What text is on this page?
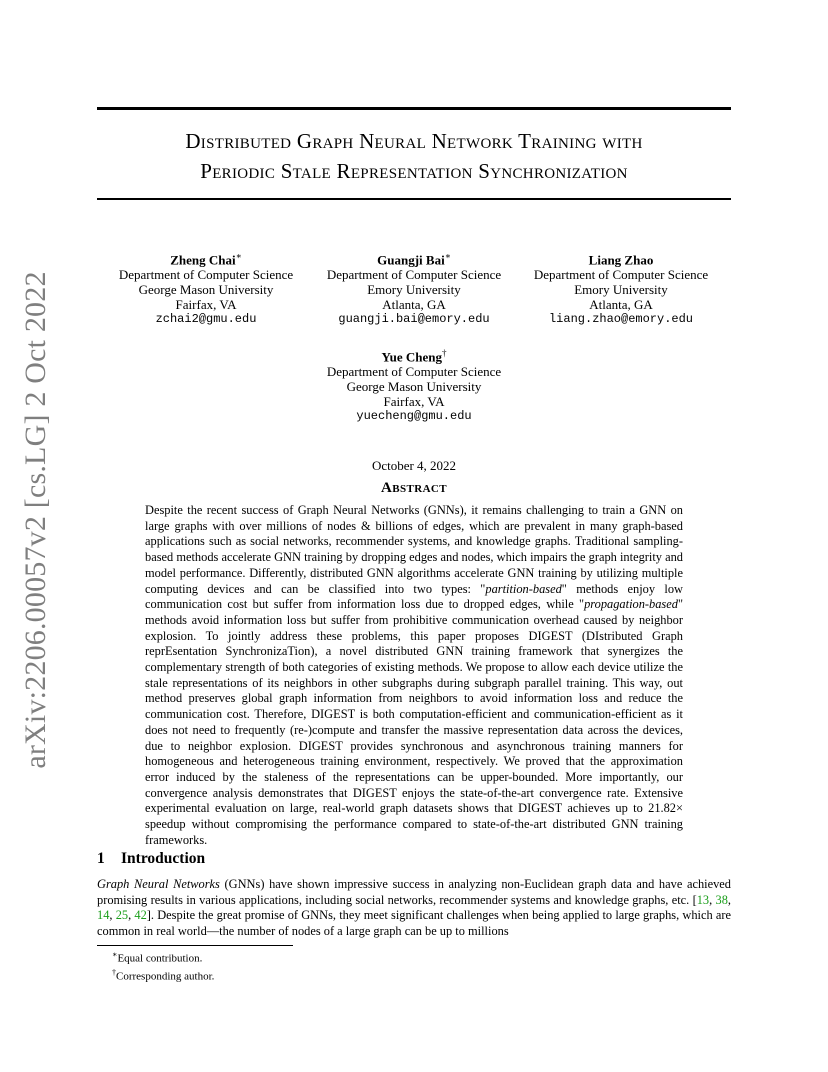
arXiv:2206.00057v2 [cs.LG] 2 Oct 2022
Distributed Graph Neural Network Training with
Periodic Stale Representation Synchronization
Zheng Chai∗
Department of Computer Science
George Mason University
Fairfax, VA
zchai2@gmu.edu
Guangji Bai∗
Department of Computer Science
Emory University
Atlanta, GA
guangji.bai@emory.edu
Liang Zhao
Department of Computer Science
Emory University
Atlanta, GA
liang.zhao@emory.edu
Yue Cheng†
Department of Computer Science
George Mason University
Fairfax, VA
yuecheng@gmu.edu
October 4, 2022
Abstract

Despite the recent success of Graph Neural Networks (GNNs), it remains challenging to train a GNN on large graphs with over millions of nodes & billions of edges, which are prevalent in many graph-based applications such as social networks, recommender systems, and knowledge graphs. Traditional sampling-based methods accelerate GNN training by dropping edges and nodes, which impairs the graph integrity and model performance. Differently, distributed GNN algorithms accelerate GNN training by utilizing multiple computing devices and can be classified into two types: "partition-based" methods enjoy low communication cost but suffer from information loss due to dropped edges, while "propagation-based" methods avoid information loss but suffer from prohibitive communication overhead caused by neighbor explosion. To jointly address these problems, this paper proposes DIGEST (DIstributed Graph reprEsentation SynchronizaTion), a novel distributed GNN training framework that synergizes the complementary strength of both categories of existing methods. We propose to allow each device utilize the stale representations of its neighbors in other subgraphs during subgraph parallel training. This way, out method preserves global graph information from neighbors to avoid information loss and reduce the communication cost. Therefore, DIGEST is both computation-efficient and communication-efficient as it does not need to frequently (re-)compute and transfer the massive representation data across the devices, due to neighbor explosion. DIGEST provides synchronous and asynchronous training manners for homogeneous and heterogeneous training environment, respectively. We proved that the approximation error induced by the staleness of the representations can be upper-bounded. More importantly, our convergence analysis demonstrates that DIGEST enjoys the state-of-the-art convergence rate. Extensive experimental evaluation on large, real-world graph datasets shows that DIGEST achieves up to 21.82× speedup without compromising the performance compared to state-of-the-art distributed GNN training frameworks.

1 Introduction

Graph Neural Networks (GNNs) have shown impressive success in analyzing non-Euclidean graph data and have achieved promising results in various applications, including social networks, recommender systems and knowledge graphs, etc. [13, 38, 14, 25, 42]. Despite the great promise of GNNs, they meet significant challenges when being applied to large graphs, which are common in real world—the number of nodes of a large graph can be up to millions

∗Equal contribution.
†Corresponding author.
